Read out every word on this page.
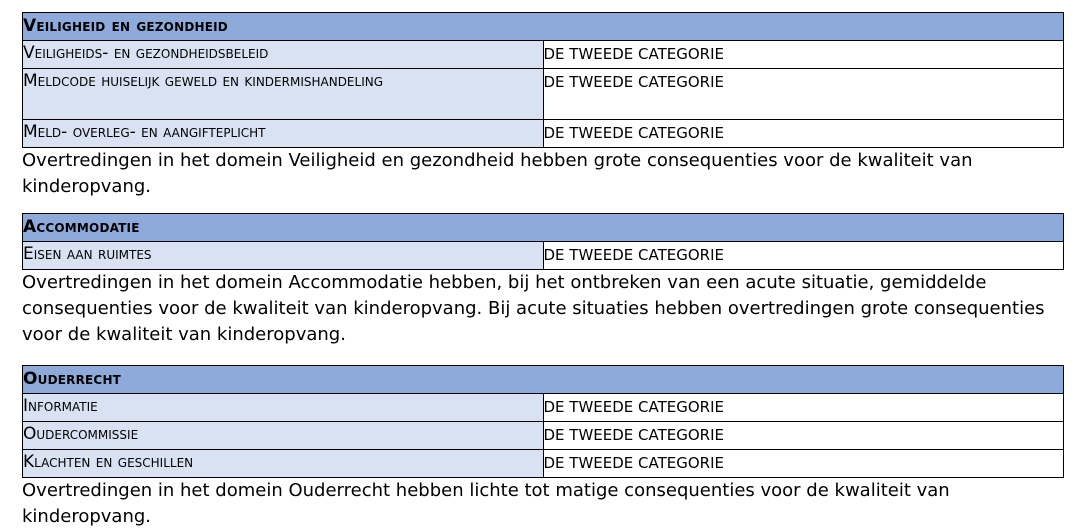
Veiligheid en gezondheid	
Veiligheids- en gezondheidsbeleid	DE TWEEDE CATEGORIE
Meldcode huiselijk geweld en kindermishandeling	DE TWEEDE CATEGORIE
Meld- overleg- en aangifteplicht	DE TWEEDE CATEGORIE

Overtredingen in het domein Veiligheid en gezondheid hebben grote consequenties voor de kwaliteit van kinderopvang.

Accommodatie
Eisen aan ruimtes	DE TWEEDE CATEGORIE

Overtredingen in het domein Accommodatie hebben, bij het ontbreken van een acute situatie, gemiddelde consequenties voor de kwaliteit van kinderopvang. Bij acute situaties hebben overtredingen grote consequenties voor de kwaliteit van kinderopvang.

Ouderrecht	
Informatie	DE TWEEDE CATEGORIE
Oudercommissie	DE TWEEDE CATEGORIE
Klachten en geschillen	DE TWEEDE CATEGORIE

Overtredingen in het domein Ouderrecht hebben lichte tot matige consequenties voor de kwaliteit van kinderopvang.
